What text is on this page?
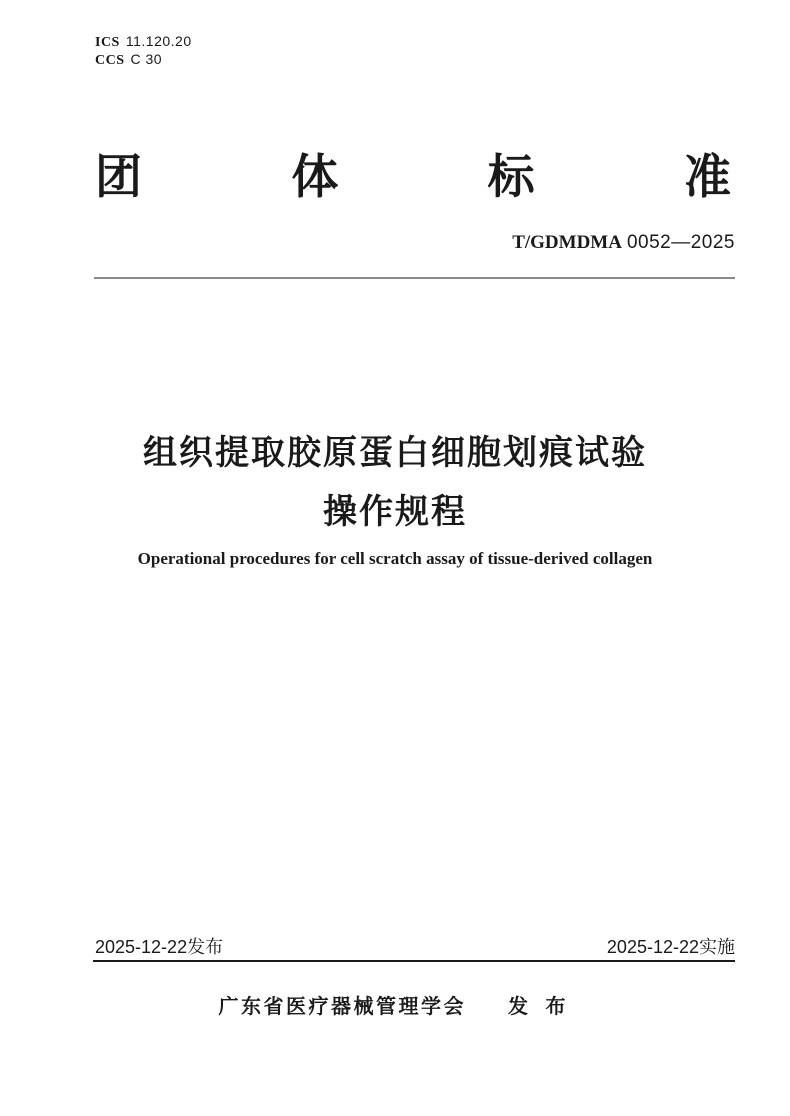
ICS 11.120.20
CCS C 30
团	体	标	准
T/GDMDMA 0052—2025
组织提取胶原蛋白细胞划痕试验
操作规程
Operational procedures for cell scratch assay of tissue-derived collagen
2025-12-22发布	2025-12-22实施
广东省医疗器械管理学会 发 布
